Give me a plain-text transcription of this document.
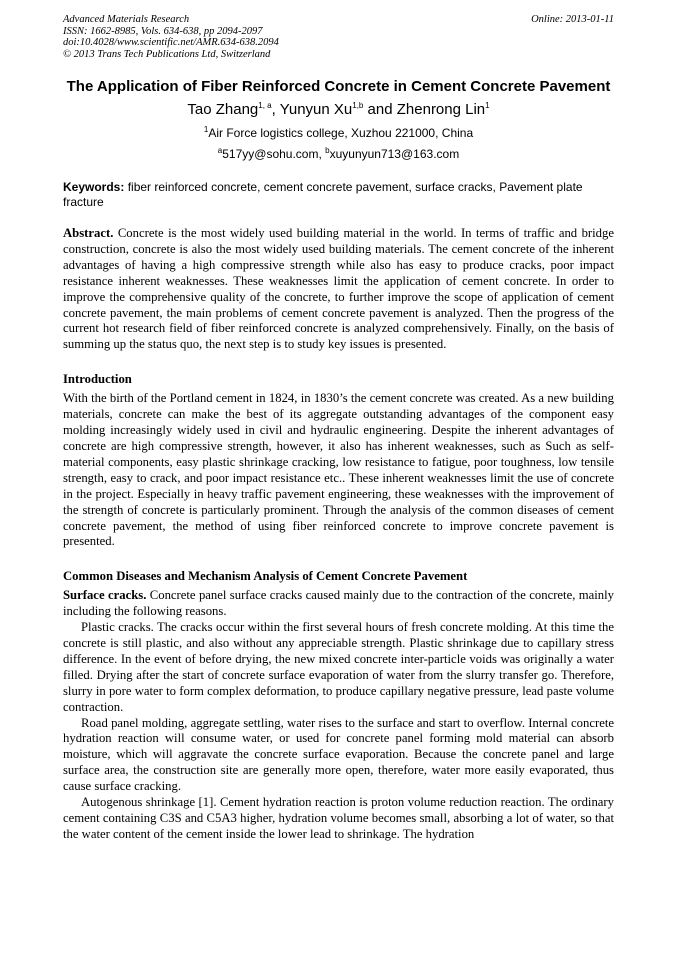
Advanced Materials Research
ISSN: 1662-8985, Vols. 634-638, pp 2094-2097
doi:10.4028/www.scientific.net/AMR.634-638.2094
© 2013 Trans Tech Publications Ltd, Switzerland
Online: 2013-01-11
The Application of Fiber Reinforced Concrete in Cement Concrete Pavement
Tao Zhang$^{1, a}$, Yunyun Xu$^{1,b}$ and Zhenrong Lin$^1$
$^1$Air Force logistics college, Xuzhou 221000, China
$^a$517yy@sohu.com, $^b$xuyunyun713@163.com
Keywords: fiber reinforced concrete, cement concrete pavement, surface cracks, Pavement plate fracture

Abstract. Concrete is the most widely used building material in the world. In terms of traffic and bridge construction, concrete is also the most widely used building materials. The cement concrete of the inherent advantages of having a high compressive strength while also has easy to produce cracks, poor impact resistance inherent weaknesses. These weaknesses limit the application of cement concrete. In order to improve the comprehensive quality of the concrete, to further improve the scope of application of cement concrete pavement, the main problems of cement concrete pavement is analyzed. Then the progress of the current hot research field of fiber reinforced concrete is analyzed comprehensively. Finally, on the basis of summing up the status quo, the next step is to study key issues is presented.

Introduction

With the birth of the Portland cement in 1824, in 1830’s the cement concrete was created. As a new building materials, concrete can make the best of its aggregate outstanding advantages of the component easy molding increasingly widely used in civil and hydraulic engineering. Despite the inherent advantages of concrete are high compressive strength, however, it also has inherent weaknesses, such as Such as self-material components, easy plastic shrinkage cracking, low resistance to fatigue, poor toughness, low tensile strength, easy to crack, and poor impact resistance etc.. These inherent weaknesses limit the use of concrete in the project. Especially in heavy traffic pavement engineering, these weaknesses with the improvement of the strength of concrete is particularly prominent. Through the analysis of the common diseases of cement concrete pavement, the method of using fiber reinforced concrete to improve concrete pavement is presented.

Common Diseases and Mechanism Analysis of Cement Concrete Pavement

Surface cracks. Concrete panel surface cracks caused mainly due to the contraction of the concrete, mainly including the following reasons.

Plastic cracks. The cracks occur within the first several hours of fresh concrete molding. At this time the concrete is still plastic, and also without any appreciable strength. Plastic shrinkage due to capillary stress difference. In the event of before drying, the new mixed concrete inter-particle voids was originally a water filled. Drying after the start of concrete surface evaporation of water from the slurry transfer go. Therefore, slurry in pore water to form complex deformation, to produce capillary negative pressure, lead paste volume contraction.

Road panel molding, aggregate settling, water rises to the surface and start to overflow. Internal concrete hydration reaction will consume water, or used for concrete panel forming mold material can absorb moisture, which will aggravate the concrete surface evaporation. Because the concrete panel and large surface area, the construction site are generally more open, therefore, water more easily evaporated, thus cause surface cracking.

Autogenous shrinkage [1]. Cement hydration reaction is proton volume reduction reaction. The ordinary cement containing C3S and C5A3 higher, hydration volume becomes small, absorbing a lot of water, so that the water content of the cement inside the lower lead to shrinkage. The hydration
